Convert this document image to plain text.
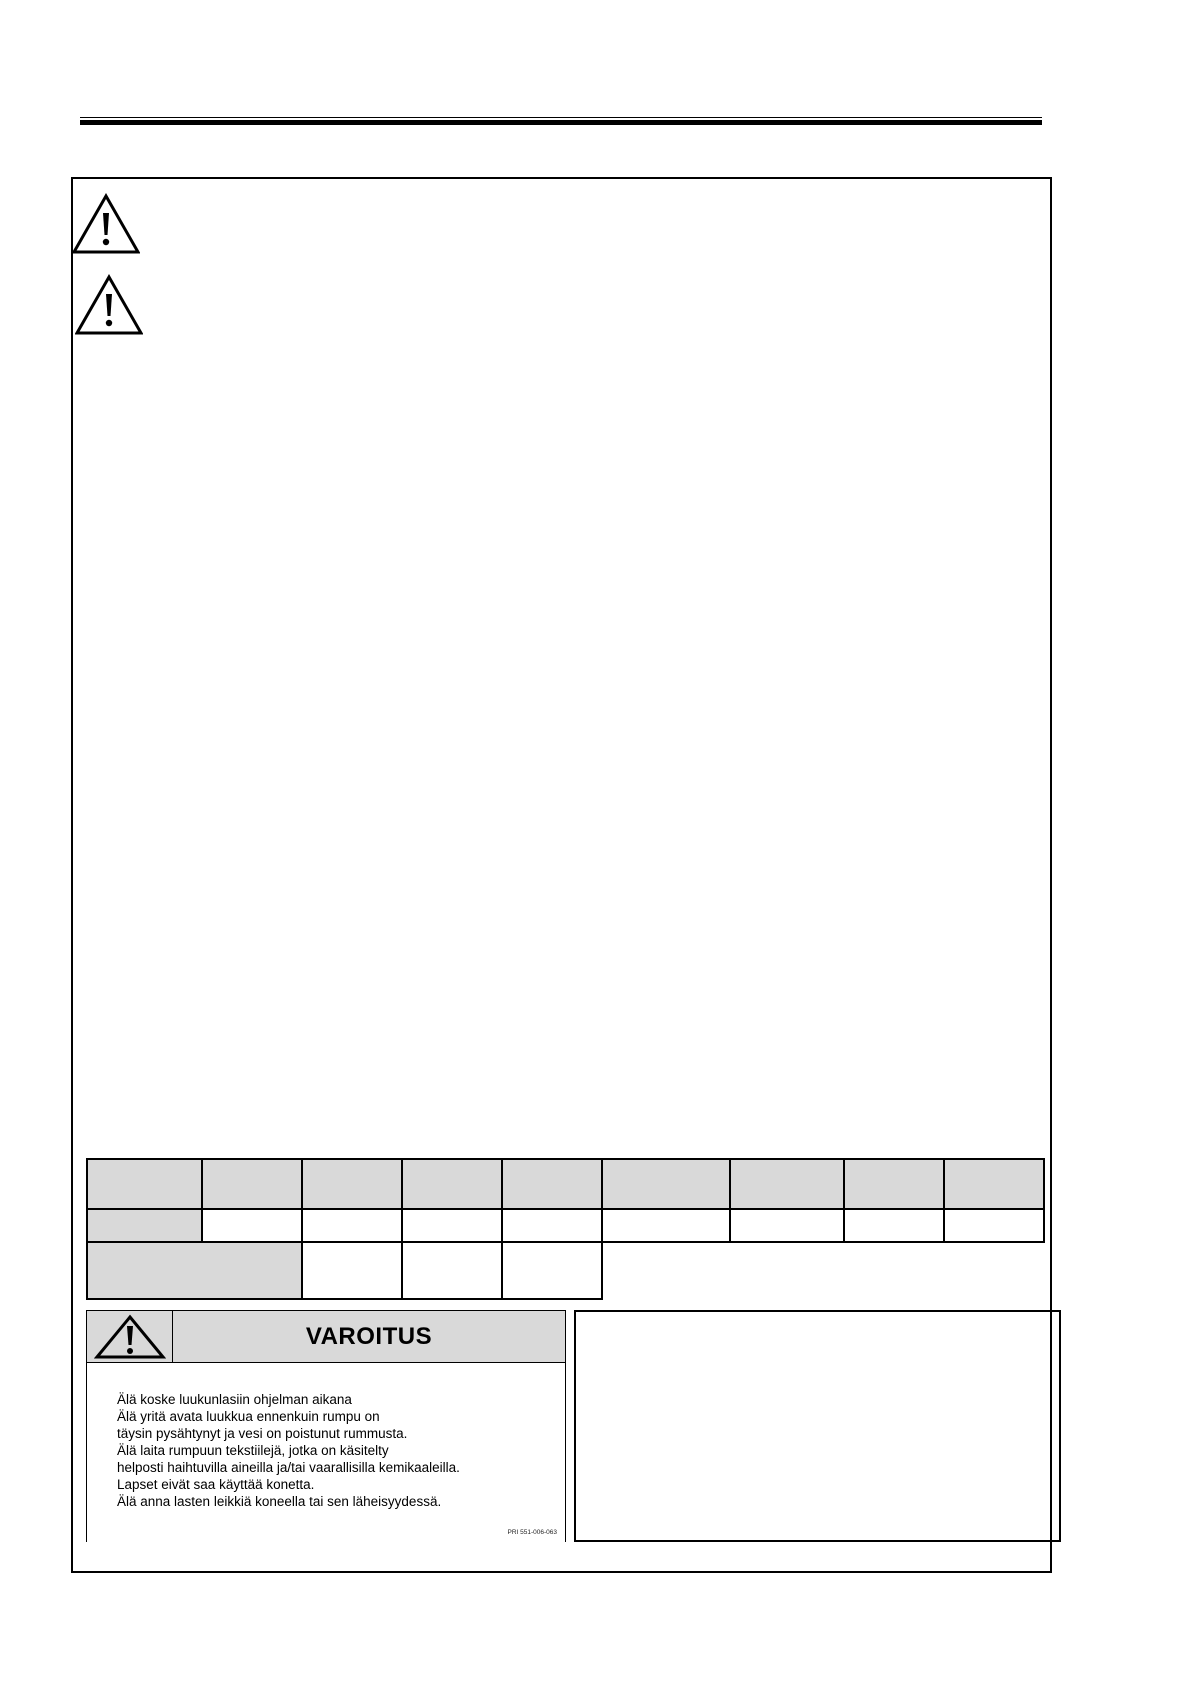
VAROITUS
Älä koske luukunlasiin ohjelman aikana
Älä yritä avata luukkua ennenkuin rumpu on
täysin pysähtynyt ja vesi on poistunut rummusta.
Älä laita rumpuun tekstiilejä, jotka on käsitelty
helposti haihtuvilla aineilla ja/tai vaarallisilla kemikaaleilla.
Lapset eivät saa käyttää konetta.
Älä anna lasten leikkiä koneella tai sen läheisyydessä.
PRI 551-006-063
